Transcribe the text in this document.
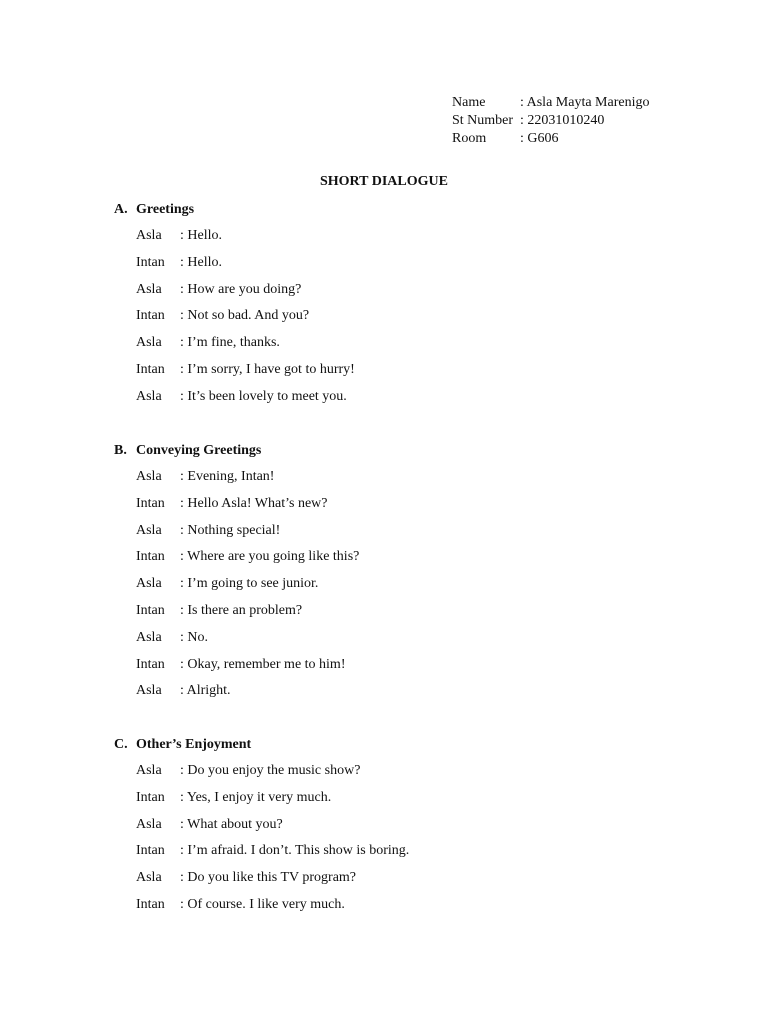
Name : Asla Mayta Marenigo
St Number : 22031010240
Room : G606
SHORT DIALOGUE
A. Greetings
Asla : Hello.
Intan : Hello.
Asla : How are you doing?
Intan : Not so bad. And you?
Asla : I’m fine, thanks.
Intan : I’m sorry, I have got to hurry!
Asla : It’s been lovely to meet you.
B. Conveying Greetings
Asla : Evening, Intan!
Intan : Hello Asla! What’s new?
Asla : Nothing special!
Intan : Where are you going like this?
Asla : I’m going to see junior.
Intan : Is there an problem?
Asla : No.
Intan : Okay, remember me to him!
Asla : Alright.
C. Other’s Enjoyment
Asla : Do you enjoy the music show?
Intan : Yes, I enjoy it very much.
Asla : What about you?
Intan : I’m afraid. I don’t. This show is boring.
Asla : Do you like this TV program?
Intan : Of course. I like very much.
